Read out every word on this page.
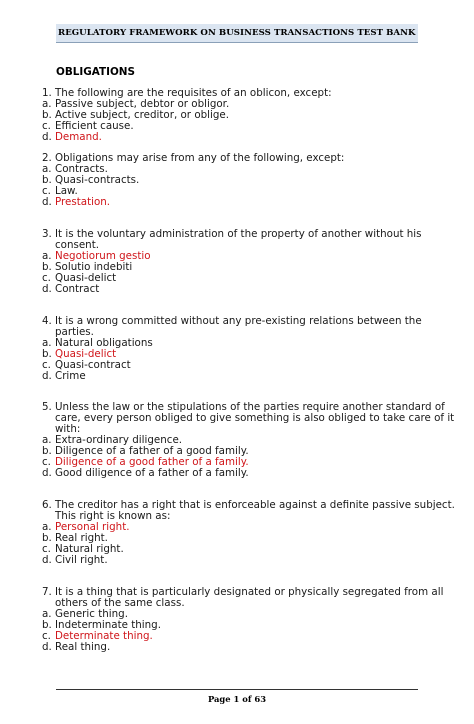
REGULATORY FRAMEWORK ON BUSINESS TRANSACTIONS TEST BANK
OBLIGATIONS
1. The following are the requisites of an oblicon, except:
a. Passive subject, debtor or obligor.
b. Active subject, creditor, or oblige.
c. Efficient cause.
d. Demand.
2. Obligations may arise from any of the following, except:
a. Contracts.
b. Quasi-contracts.
c. Law.
d. Prestation.
3. It is the voluntary administration of the property of another without his
consent.
a. Negotiorum gestio
b. Solutio indebiti
c. Quasi-delict
d. Contract
4. It is a wrong committed without any pre-existing relations between the
parties.
a. Natural obligations
b. Quasi-delict
c. Quasi-contract
d. Crime
5. Unless the law or the stipulations of the parties require another standard of
care, every person obliged to give something is also obliged to take care of it
with:
a. Extra-ordinary diligence.
b. Diligence of a father of a good family.
c. Diligence of a good father of a family.
d. Good diligence of a father of a family.
6. The creditor has a right that is enforceable against a definite passive subject.
This right is known as:
a. Personal right.
b. Real right.
c. Natural right.
d. Civil right.
7. It is a thing that is particularly designated or physically segregated from all
others of the same class.
a. Generic thing.
b. Indeterminate thing.
c. Determinate thing.
d. Real thing.
Page 1 of 63
